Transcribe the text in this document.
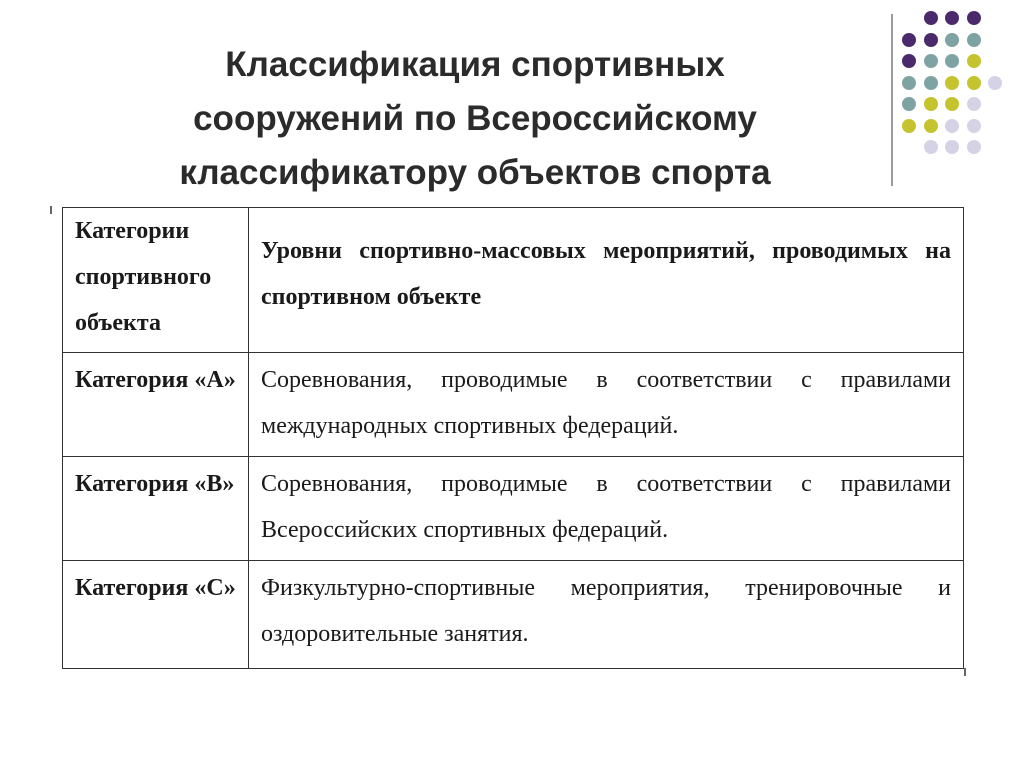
Классификация спортивных
сооружений по Всероссийскому
классификатору объектов спорта
Категории спортивного объекта	Уровни спортивно-массовых мероприятий, проводимых на спортивном объекте
Категория «А»	Соревнования, проводимые в соответствии с правилами международных спортивных федераций.
Категория «B»	Соревнования, проводимые в соответствии с правилами Всероссийских спортивных федераций.
Категория «C»	Физкультурно-спортивные мероприятия, тренировочные и оздоровительные занятия.
